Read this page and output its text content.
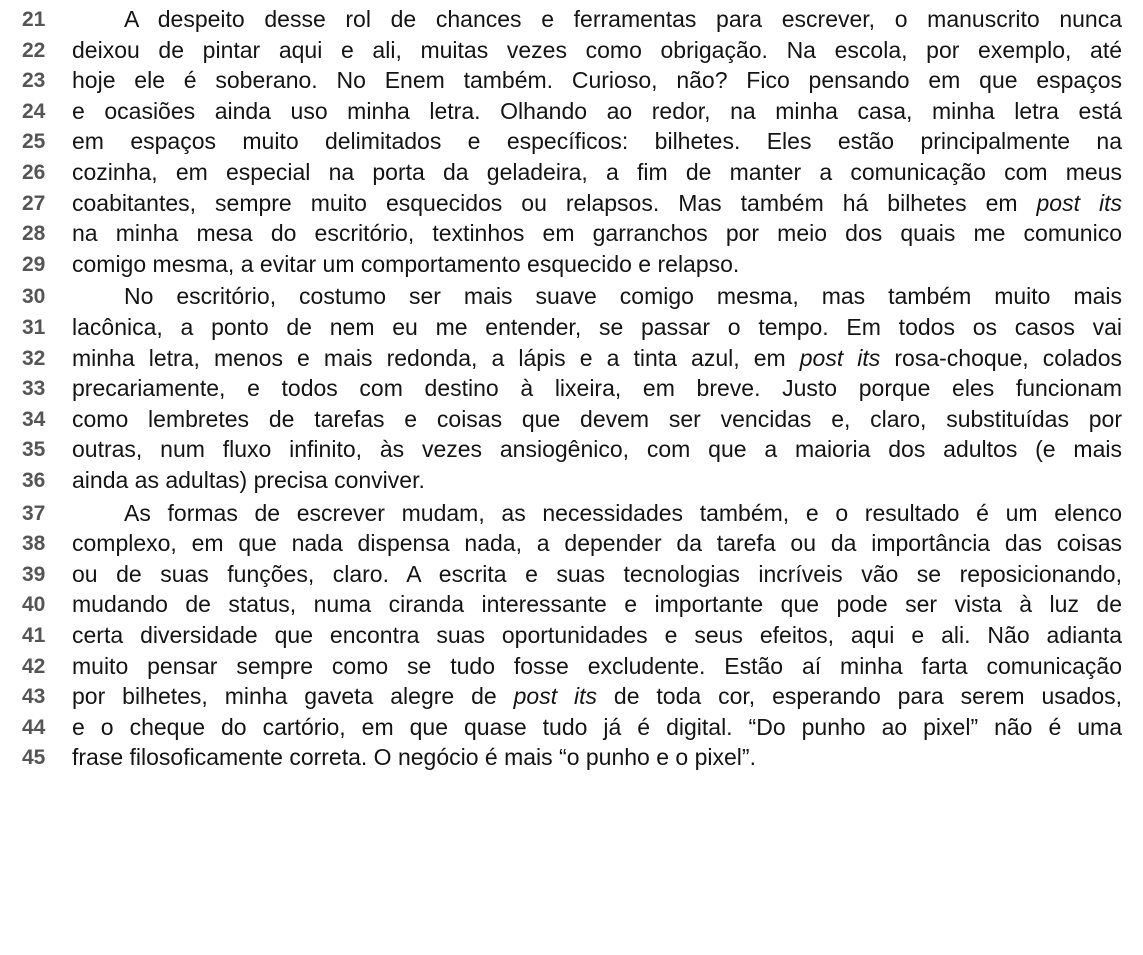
21	A despeito desse rol de chances e ferramentas para escrever, o manuscrito nunca
22	deixou de pintar aqui e ali, muitas vezes como obrigação. Na escola, por exemplo, até
23	hoje ele é soberano. No Enem também. Curioso, não? Fico pensando em que espaços
24	e ocasiões ainda uso minha letra. Olhando ao redor, na minha casa, minha letra está
25	em espaços muito delimitados e específicos: bilhetes. Eles estão principalmente na
26	cozinha, em especial na porta da geladeira, a fim de manter a comunicação com meus
27	coabitantes, sempre muito esquecidos ou relapsos. Mas também há bilhetes em post its
28	na minha mesa do escritório, textinhos em garranchos por meio dos quais me comunico
29	comigo mesma, a evitar um comportamento esquecido e relapso.
30	No escritório, costumo ser mais suave comigo mesma, mas também muito mais
31	lacônica, a ponto de nem eu me entender, se passar o tempo. Em todos os casos vai
32	minha letra, menos e mais redonda, a lápis e a tinta azul, em post its rosa-choque, colados
33	precariamente, e todos com destino à lixeira, em breve. Justo porque eles funcionam
34	como lembretes de tarefas e coisas que devem ser vencidas e, claro, substituídas por
35	outras, num fluxo infinito, às vezes ansiogênico, com que a maioria dos adultos (e mais
36	ainda as adultas) precisa conviver.
37	As formas de escrever mudam, as necessidades também, e o resultado é um elenco
38	complexo, em que nada dispensa nada, a depender da tarefa ou da importância das coisas
39	ou de suas funções, claro. A escrita e suas tecnologias incríveis vão se reposicionando,
40	mudando de status, numa ciranda interessante e importante que pode ser vista à luz de
41	certa diversidade que encontra suas oportunidades e seus efeitos, aqui e ali. Não adianta
42	muito pensar sempre como se tudo fosse excludente. Estão aí minha farta comunicação
43	por bilhetes, minha gaveta alegre de post its de toda cor, esperando para serem usados,
44	e o cheque do cartório, em que quase tudo já é digital. “Do punho ao pixel” não é uma
45	frase filosoficamente correta. O negócio é mais “o punho e o pixel”.
